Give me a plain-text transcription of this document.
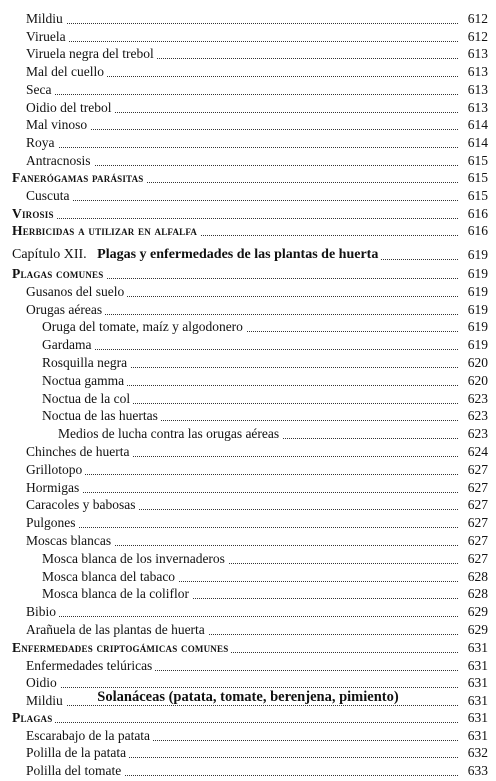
Mildiu	612
Viruela	612
Viruela negra del trebol	613
Mal del cuello	613
Seca	613
Oidio del trebol	613
Mal vinoso	614
Roya	614
Antracnosis	615
Fanerógamas parásitas	615
Cuscuta	615
Virosis	616
Herbicidas a utilizar en alfalfa	616
Capítulo XII. Plagas y enfermedades de las plantas de huerta	619
Plagas comunes	619
Gusanos del suelo	619
Orugas aéreas	619
Oruga del tomate, maíz y algodonero	619
Gardama	619
Rosquilla negra	620
Noctua gamma	620
Noctua de la col	623
Noctua de las huertas	623
Medios de lucha contra las orugas aéreas	623
Chinches de huerta	624
Grillotopo	627
Hormigas	627
Caracoles y babosas	627
Pulgones	627
Moscas blancas	627
Mosca blanca de los invernaderos	627
Mosca blanca del tabaco	628
Mosca blanca de la coliflor	628
Bibio	629
Arañuela de las plantas de huerta	629
Enfermedades criptogámicas comunes	631
Enfermedades telúricas	631
Oidio	631
Mildiu	631
Solanáceas (patata, tomate, berenjena, pimiento)
Plagas	631
Escarabajo de la patata	631
Polilla de la patata	632
Polilla del tomate	633
